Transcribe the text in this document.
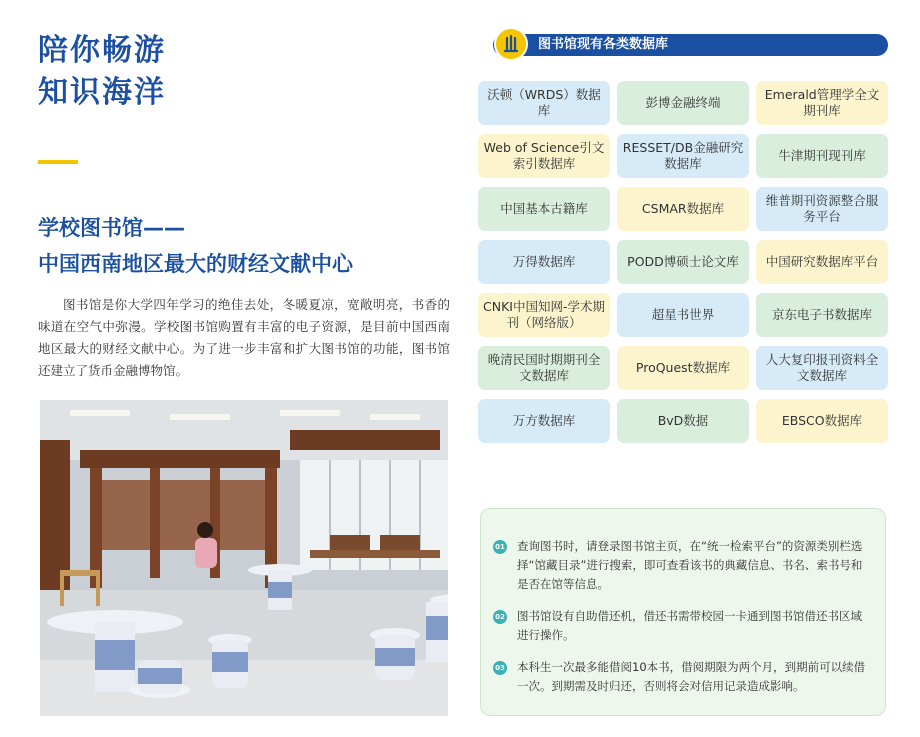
陪你畅游
知识海洋
学校图书馆——
中国西南地区最大的财经文献中心
图书馆是你大学四年学习的绝佳去处，冬暖夏凉，宽敞明亮，书香的味道在空气中弥漫。学校图书馆购置有丰富的电子资源，是目前中国西南地区最大的财经文献中心。为了进一步丰富和扩大图书馆的功能，图书馆还建立了货币金融博物馆。
图书馆现有各类数据库
沃顿（WRDS）数据库
彭博金融终端
Emerald管理学全文期刊库
Web of Science引文索引数据库
RESSET/DB金融研究数据库
牛津期刊现刊库
中国基本古籍库	CSMAR数据库
维普期刊资源整合服务平台
万得数据库	PODD博硕士论文库	中国研究数据库平台
CNKI中国知网-学术期刊（网络版）
超星书世界	京东电子书数据库
晚清民国时期期刊全文数据库
ProQuest数据库
人大复印报刊资料全文数据库
万方数据库	BvD数据	EBSCO数据库
01 查询图书时，请登录图书馆主页，在“统一检索平台”的资源类别栏选择“馆藏目录”进行搜索，即可查看该书的典藏信息、书名、索书号和是否在馆等信息。
02 图书馆设有自助借还机，借还书需带校园一卡通到图书馆借还书区域进行操作。
03 本科生一次最多能借阅10本书，借阅期限为两个月，到期前可以续借一次。到期需及时归还，否则将会对信用记录造成影响。
